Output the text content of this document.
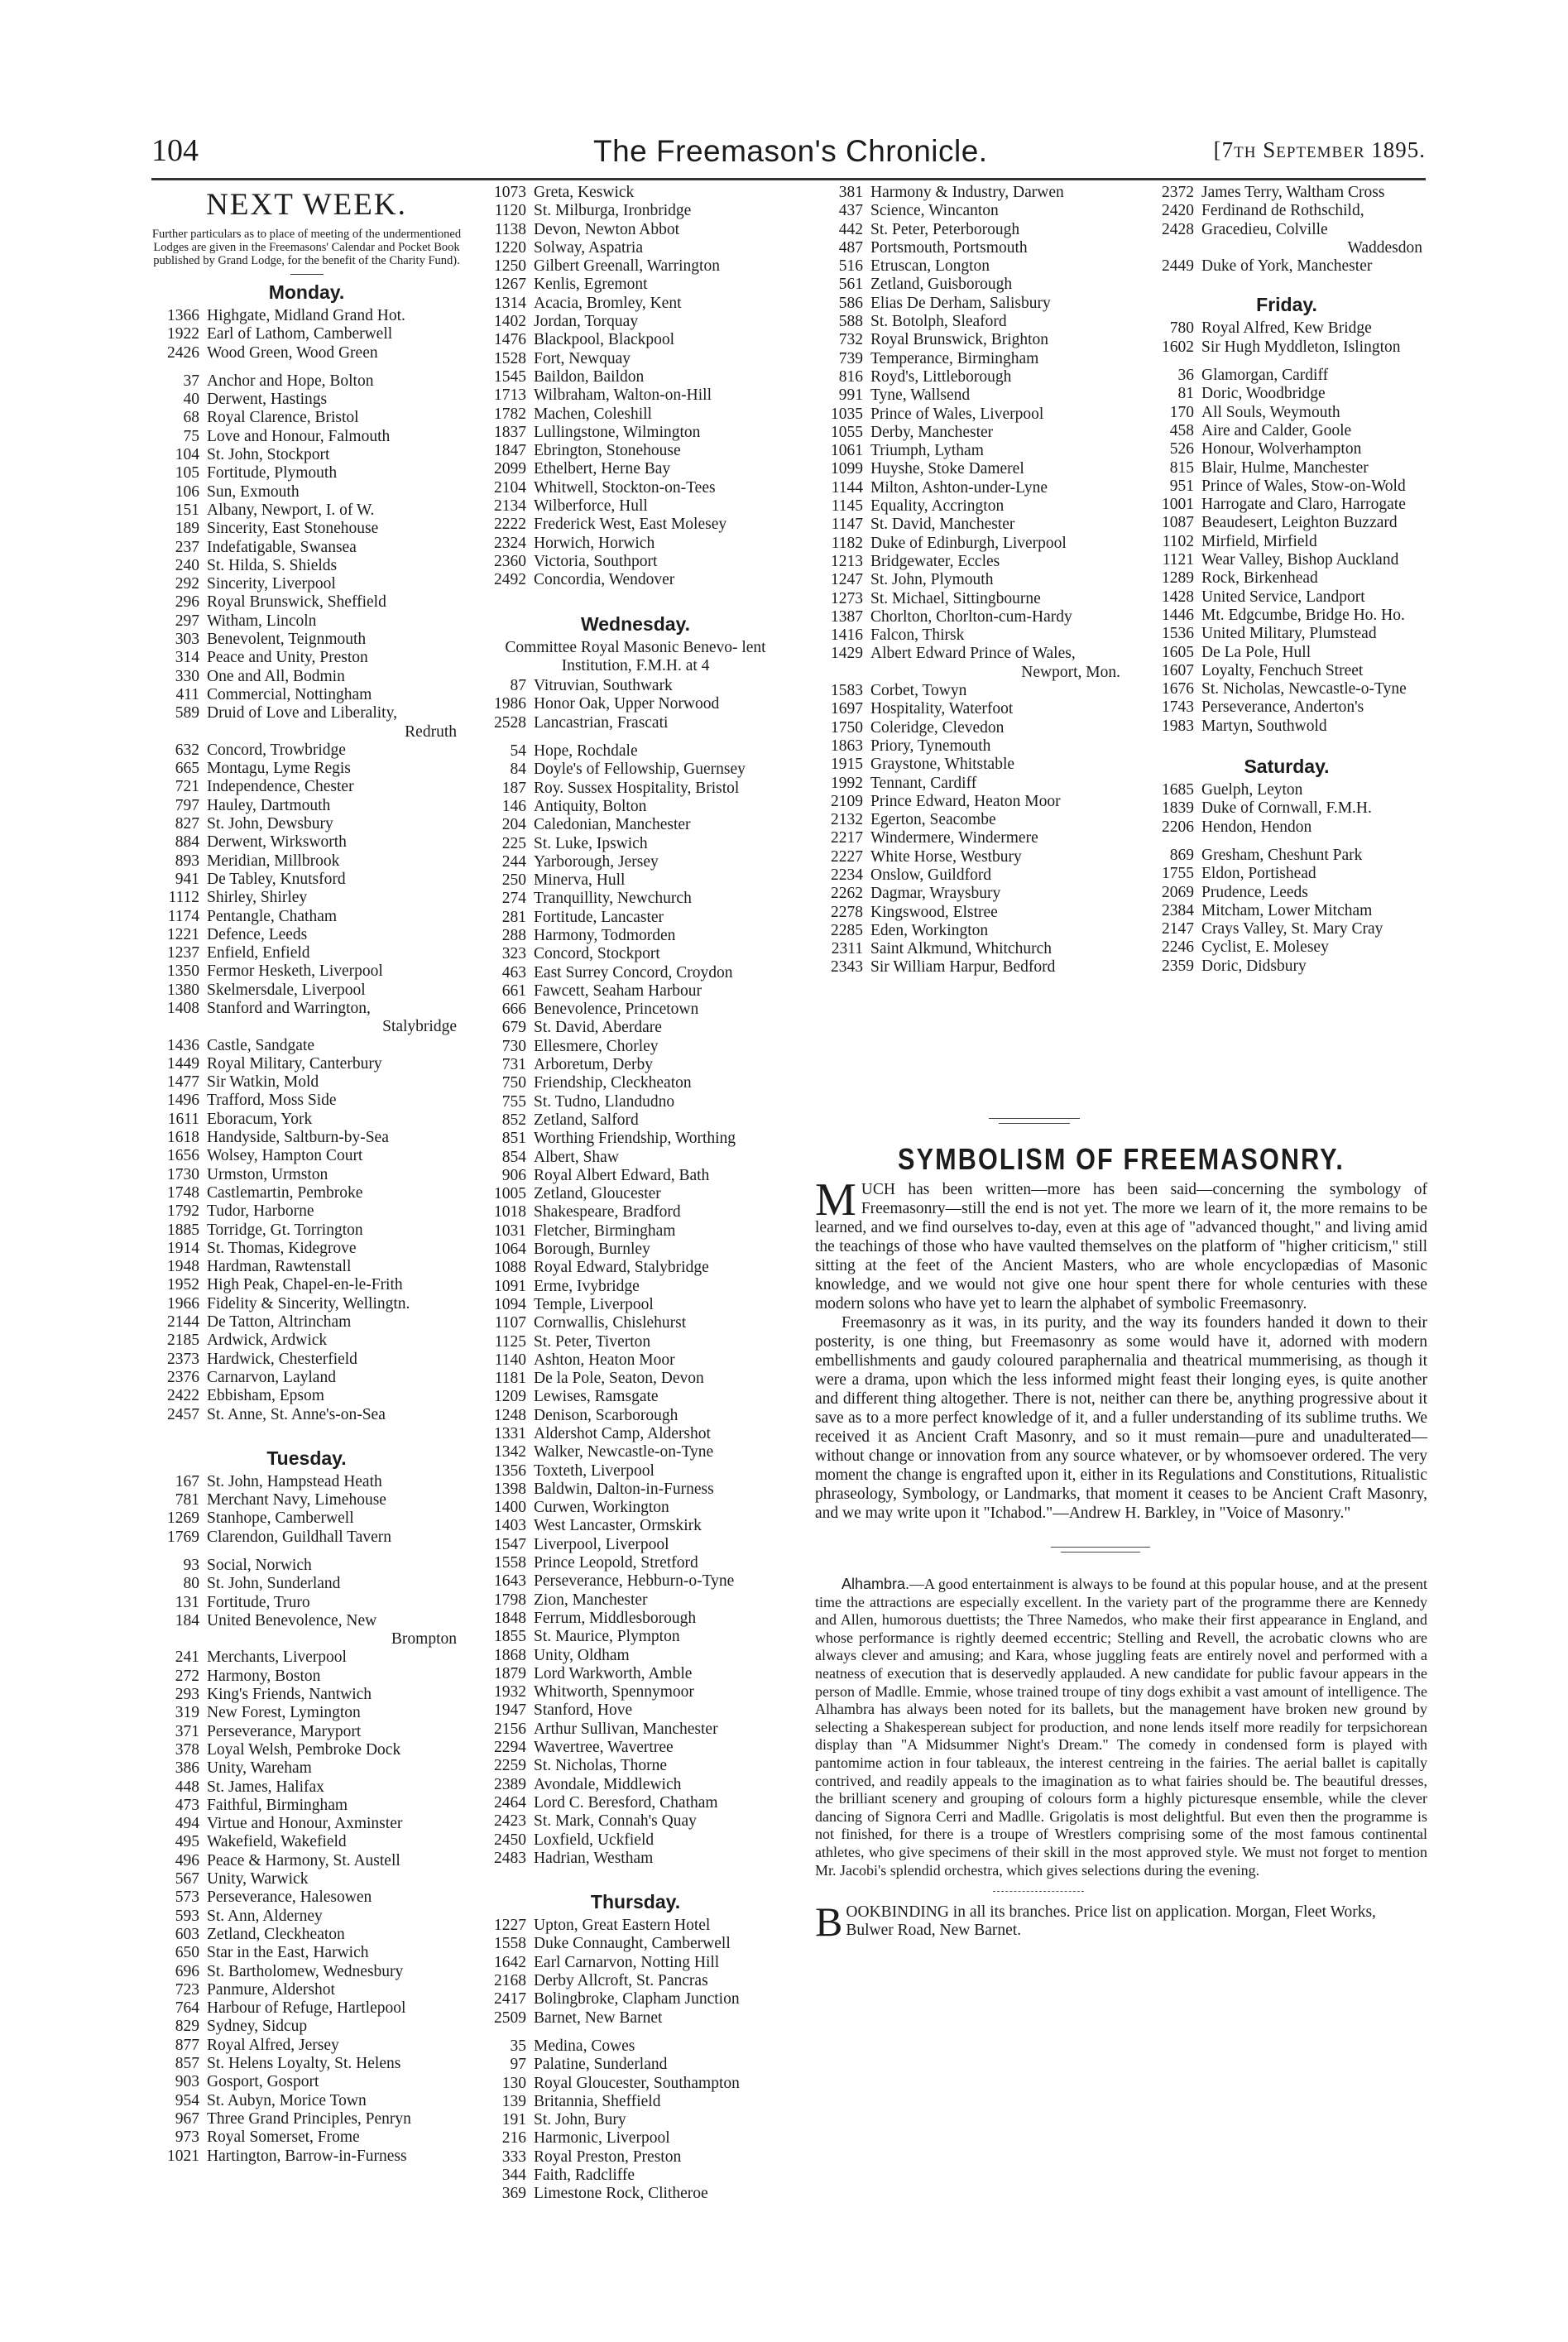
104	The Freemason's Chronicle.	[7th September 1895.
NEXT WEEK.
Further particulars as to place of meeting of the undermentioned Lodges are given in the Freemasons' Calendar and Pocket Book published by Grand Lodge, for the benefit of the Charity Fund).
Monday.
1366 Highgate, Midland Grand Hot.
1922 Earl of Lathom, Camberwell
2426 Wood Green, Wood Green
37 Anchor and Hope, Bolton
40 Derwent, Hastings
68 Royal Clarence, Bristol
75 Love and Honour, Falmouth
104 St. John, Stockport
105 Fortitude, Plymouth
106 Sun, Exmouth
151 Albany, Newport, I. of W.
189 Sincerity, East Stonehouse
237 Indefatigable, Swansea
240 St. Hilda, S. Shields
292 Sincerity, Liverpool
296 Royal Brunswick, Sheffield
297 Witham, Lincoln
303 Benevolent, Teignmouth
314 Peace and Unity, Preston
330 One and All, Bodmin
411 Commercial, Nottingham
589 Druid of Love and Liberality,
Redruth
632 Concord, Trowbridge
665 Montagu, Lyme Regis
721 Independence, Chester
797 Hauley, Dartmouth
827 St. John, Dewsbury
884 Derwent, Wirksworth
893 Meridian, Millbrook
941 De Tabley, Knutsford
1112 Shirley, Shirley
1174 Pentangle, Chatham
1221 Defence, Leeds
1237 Enfield, Enfield
1350 Fermor Hesketh, Liverpool
1380 Skelmersdale, Liverpool
1408 Stanford and Warrington,
Stalybridge
1436 Castle, Sandgate
1449 Royal Military, Canterbury
1477 Sir Watkin, Mold
1496 Trafford, Moss Side
1611 Eboracum, York
1618 Handyside, Saltburn-by-Sea
1656 Wolsey, Hampton Court
1730 Urmston, Urmston
1748 Castlemartin, Pembroke
1792 Tudor, Harborne
1885 Torridge, Gt. Torrington
1914 St. Thomas, Kidegrove
1948 Hardman, Rawtenstall
1952 High Peak, Chapel-en-le-Frith
1966 Fidelity & Sincerity, Wellingtn.
2144 De Tatton, Altrincham
2185 Ardwick, Ardwick
2373 Hardwick, Chesterfield
2376 Carnarvon, Layland
2422 Ebbisham, Epsom
2457 St. Anne, St. Anne's-on-Sea
Tuesday.
167 St. John, Hampstead Heath
781 Merchant Navy, Limehouse
1269 Stanhope, Camberwell
1769 Clarendon, Guildhall Tavern
93 Social, Norwich
80 St. John, Sunderland
131 Fortitude, Truro
184 United Benevolence, New
Brompton
241 Merchants, Liverpool
272 Harmony, Boston
293 King's Friends, Nantwich
319 New Forest, Lymington
371 Perseverance, Maryport
378 Loyal Welsh, Pembroke Dock
386 Unity, Wareham
448 St. James, Halifax
473 Faithful, Birmingham
494 Virtue and Honour, Axminster
495 Wakefield, Wakefield
496 Peace & Harmony, St. Austell
567 Unity, Warwick
573 Perseverance, Halesowen
593 St. Ann, Alderney
603 Zetland, Cleckheaton
650 Star in the East, Harwich
696 St. Bartholomew, Wednesbury
723 Panmure, Aldershot
764 Harbour of Refuge, Hartlepool
829 Sydney, Sidcup
877 Royal Alfred, Jersey
857 St. Helens Loyalty, St. Helens
903 Gosport, Gosport
954 St. Aubyn, Morice Town
967 Three Grand Principles, Penryn
973 Royal Somerset, Frome
1021 Hartington, Barrow-in-Furness
1073 Greta, Keswick
1120 St. Milburga, Ironbridge
1138 Devon, Newton Abbot
1220 Solway, Aspatria
1250 Gilbert Greenall, Warrington
1267 Kenlis, Egremont
1314 Acacia, Bromley, Kent
1402 Jordan, Torquay
1476 Blackpool, Blackpool
1528 Fort, Newquay
1545 Baildon, Baildon
1713 Wilbraham, Walton-on-Hill
1782 Machen, Coleshill
1837 Lullingstone, Wilmington
1847 Ebrington, Stonehouse
2099 Ethelbert, Herne Bay
2104 Whitwell, Stockton-on-Tees
2134 Wilberforce, Hull
2222 Frederick West, East Molesey
2324 Horwich, Horwich
2360 Victoria, Southport
2492 Concordia, Wendover
Wednesday.
Committee Royal Masonic Benevo- lent Institution, F.M.H. at 4
87 Vitruvian, Southwark
1986 Honor Oak, Upper Norwood
2528 Lancastrian, Frascati
54 Hope, Rochdale
84 Doyle's of Fellowship, Guernsey
187 Roy. Sussex Hospitality, Bristol
146 Antiquity, Bolton
204 Caledonian, Manchester
225 St. Luke, Ipswich
244 Yarborough, Jersey
250 Minerva, Hull
274 Tranquillity, Newchurch
281 Fortitude, Lancaster
288 Harmony, Todmorden
323 Concord, Stockport
463 East Surrey Concord, Croydon
661 Fawcett, Seaham Harbour
666 Benevolence, Princetown
679 St. David, Aberdare
730 Ellesmere, Chorley
731 Arboretum, Derby
750 Friendship, Cleckheaton
755 St. Tudno, Llandudno
852 Zetland, Salford
851 Worthing Friendship, Worthing
854 Albert, Shaw
906 Royal Albert Edward, Bath
1005 Zetland, Gloucester
1018 Shakespeare, Bradford
1031 Fletcher, Birmingham
1064 Borough, Burnley
1088 Royal Edward, Stalybridge
1091 Erme, Ivybridge
1094 Temple, Liverpool
1107 Cornwallis, Chislehurst
1125 St. Peter, Tiverton
1140 Ashton, Heaton Moor
1181 De la Pole, Seaton, Devon
1209 Lewises, Ramsgate
1248 Denison, Scarborough
1331 Aldershot Camp, Aldershot
1342 Walker, Newcastle-on-Tyne
1356 Toxteth, Liverpool
1398 Baldwin, Dalton-in-Furness
1400 Curwen, Workington
1403 West Lancaster, Ormskirk
1547 Liverpool, Liverpool
1558 Prince Leopold, Stretford
1643 Perseverance, Hebburn-o-Tyne
1798 Zion, Manchester
1848 Ferrum, Middlesborough
1855 St. Maurice, Plympton
1868 Unity, Oldham
1879 Lord Warkworth, Amble
1932 Whitworth, Spennymoor
1947 Stanford, Hove
2156 Arthur Sullivan, Manchester
2294 Wavertree, Wavertree
2259 St. Nicholas, Thorne
2389 Avondale, Middlewich
2464 Lord C. Beresford, Chatham
2423 St. Mark, Connah's Quay
2450 Loxfield, Uckfield
2483 Hadrian, Westham
Thursday.
1227 Upton, Great Eastern Hotel
1558 Duke Connaught, Camberwell
1642 Earl Carnarvon, Notting Hill
2168 Derby Allcroft, St. Pancras
2417 Bolingbroke, Clapham Junction
2509 Barnet, New Barnet
35 Medina, Cowes
97 Palatine, Sunderland
130 Royal Gloucester, Southampton
139 Britannia, Sheffield
191 St. John, Bury
216 Harmonic, Liverpool
333 Royal Preston, Preston
344 Faith, Radcliffe
369 Limestone Rock, Clitheroe
381 Harmony & Industry, Darwen
437 Science, Wincanton
442 St. Peter, Peterborough
487 Portsmouth, Portsmouth
516 Etruscan, Longton
561 Zetland, Guisborough
586 Elias De Derham, Salisbury
588 St. Botolph, Sleaford
732 Royal Brunswick, Brighton
739 Temperance, Birmingham
816 Royd's, Littleborough
991 Tyne, Wallsend
1035 Prince of Wales, Liverpool
1055 Derby, Manchester
1061 Triumph, Lytham
1099 Huyshe, Stoke Damerel
1144 Milton, Ashton-under-Lyne
1145 Equality, Accrington
1147 St. David, Manchester
1182 Duke of Edinburgh, Liverpool
1213 Bridgewater, Eccles
1247 St. John, Plymouth
1273 St. Michael, Sittingbourne
1387 Chorlton, Chorlton-cum-Hardy
1416 Falcon, Thirsk
1429 Albert Edward Prince of Wales,
Newport, Mon.
1583 Corbet, Towyn
1697 Hospitality, Waterfoot
1750 Coleridge, Clevedon
1863 Priory, Tynemouth
1915 Graystone, Whitstable
1992 Tennant, Cardiff
2109 Prince Edward, Heaton Moor
2132 Egerton, Seacombe
2217 Windermere, Windermere
2227 White Horse, Westbury
2234 Onslow, Guildford
2262 Dagmar, Wraysbury
2278 Kingswood, Elstree
2285 Eden, Workington
2311 Saint Alkmund, Whitchurch
2343 Sir William Harpur, Bedford
2372 James Terry, Waltham Cross
2420 Ferdinand de Rothschild,
2428 Gracedieu, Colville
Waddesdon
2449 Duke of York, Manchester
Friday.
780 Royal Alfred, Kew Bridge
1602 Sir Hugh Myddleton, Islington
36 Glamorgan, Cardiff
81 Doric, Woodbridge
170 All Souls, Weymouth
458 Aire and Calder, Goole
526 Honour, Wolverhampton
815 Blair, Hulme, Manchester
951 Prince of Wales, Stow-on-Wold
1001 Harrogate and Claro, Harrogate
1087 Beaudesert, Leighton Buzzard
1102 Mirfield, Mirfield
1121 Wear Valley, Bishop Auckland
1289 Rock, Birkenhead
1428 United Service, Landport
1446 Mt. Edgcumbe, Bridge Ho. Ho.
1536 United Military, Plumstead
1605 De La Pole, Hull
1607 Loyalty, Fenchuch Street
1676 St. Nicholas, Newcastle-o-Tyne
1743 Perseverance, Anderton's
1983 Martyn, Southwold
Saturday.
1685 Guelph, Leyton
1839 Duke of Cornwall, F.M.H.
2206 Hendon, Hendon
869 Gresham, Cheshunt Park
1755 Eldon, Portishead
2069 Prudence, Leeds
2384 Mitcham, Lower Mitcham
2147 Crays Valley, St. Mary Cray
2246 Cyclist, E. Molesey
2359 Doric, Didsbury
SYMBOLISM OF FREEMASONRY.

MUCH has been written—more has been said—concerning the symbology of Freemasonry—still the end is not yet. The more we learn of it, the more remains to be learned, and we find ourselves to-day, even at this age of "advanced thought," and living amid the teachings of those who have vaulted themselves on the platform of "higher criticism," still sitting at the feet of the Ancient Masters, who are whole encyclopædias of Masonic knowledge, and we would not give one hour spent there for whole centuries with these modern solons who have yet to learn the alphabet of symbolic Freemasonry.

Freemasonry as it was, in its purity, and the way its founders handed it down to their posterity, is one thing, but Freemasonry as some would have it, adorned with modern embellishments and gaudy coloured paraphernalia and theatrical mummerising, as though it were a drama, upon which the less informed might feast their longing eyes, is quite another and different thing altogether. There is not, neither can there be, anything progressive about it save as to a more perfect knowledge of it, and a fuller understanding of its sublime truths. We received it as Ancient Craft Masonry, and so it must remain—pure and unadulterated—without change or innovation from any source whatever, or by whomsoever ordered. The very moment the change is engrafted upon it, either in its Regulations and Constitutions, Ritualistic phraseology, Symbology, or Landmarks, that moment it ceases to be Ancient Craft Masonry, and we may write upon it "Ichabod."—Andrew H. Barkley, in "Voice of Masonry."

Alhambra.—A good entertainment is always to be found at this popular house, and at the present time the attractions are especially excellent. In the variety part of the programme there are Kennedy and Allen, humorous duettists; the Three Namedos, who make their first appearance in England, and whose performance is rightly deemed eccentric; Stelling and Revell, the acrobatic clowns who are always clever and amusing; and Kara, whose juggling feats are entirely novel and performed with a neatness of execution that is deservedly applauded. A new candidate for public favour appears in the person of Madlle. Emmie, whose trained troupe of tiny dogs exhibit a vast amount of intelligence. The Alhambra has always been noted for its ballets, but the management have broken new ground by selecting a Shakesperean subject for production, and none lends itself more readily for terpsichorean display than "A Midsummer Night's Dream." The comedy in condensed form is played with pantomime action in four tableaux, the interest centreing in the fairies. The aerial ballet is capitally contrived, and readily appeals to the imagination as to what fairies should be. The beautiful dresses, the brilliant scenery and grouping of colours form a highly picturesque ensemble, while the clever dancing of Signora Cerri and Madlle. Grigolatis is most delightful. But even then the programme is not finished, for there is a troupe of Wrestlers comprising some of the most famous continental athletes, who give specimens of their skill in the most approved style. We must not forget to mention Mr. Jacobi's splendid orchestra, which gives selections during the evening.

BOOKBINDING in all its branches. Price list on application. Morgan, Fleet Works, Bulwer Road, New Barnet.
